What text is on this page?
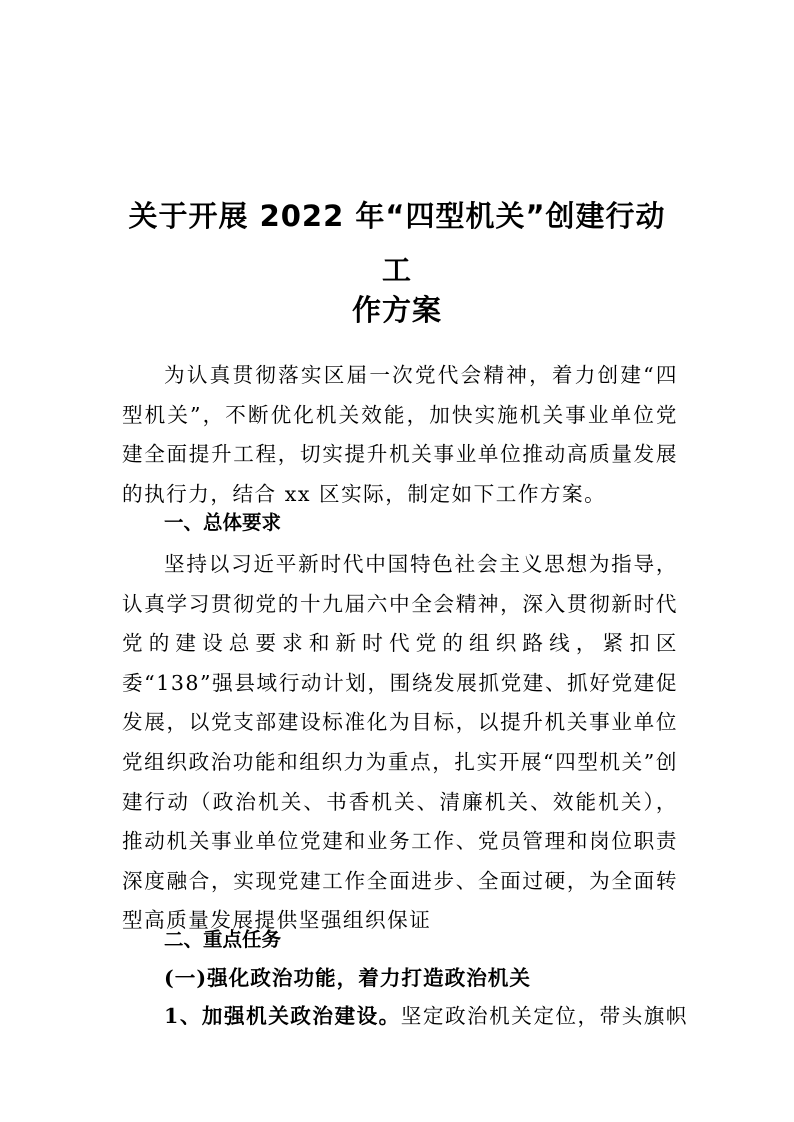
关于开展 2022 年“四型机关”创建行动
工
作方案

为认真贯彻落实区届一次党代会精神，着力创建“四型机关”，不断优化机关效能，加快实施机关事业单位党建全面提升工程，切实提升机关事业单位推动高质量发展的执行力，结合 xx 区实际，制定如下工作方案。

一、总体要求

坚持以习近平新时代中国特色社会主义思想为指导，认真学习贯彻党的十九届六中全会精神，深入贯彻新时代党的建设总要求和新时代党的组织路线，紧扣区委“138”强县域行动计划，围绕发展抓党建、抓好党建促发展，以党支部建设标准化为目标，以提升机关事业单位党组织政治功能和组织力为重点，扎实开展“四型机关”创建行动（政治机关、书香机关、清廉机关、效能机关），推动机关事业单位党建和业务工作、党员管理和岗位职责深度融合，实现党建工作全面进步、全面过硬，为全面转型高质量发展提供坚强组织保证

二、重点任务
(一)强化政治功能，着力打造政治机关

1、加强机关政治建设。坚定政治机关定位，带头旗帜
